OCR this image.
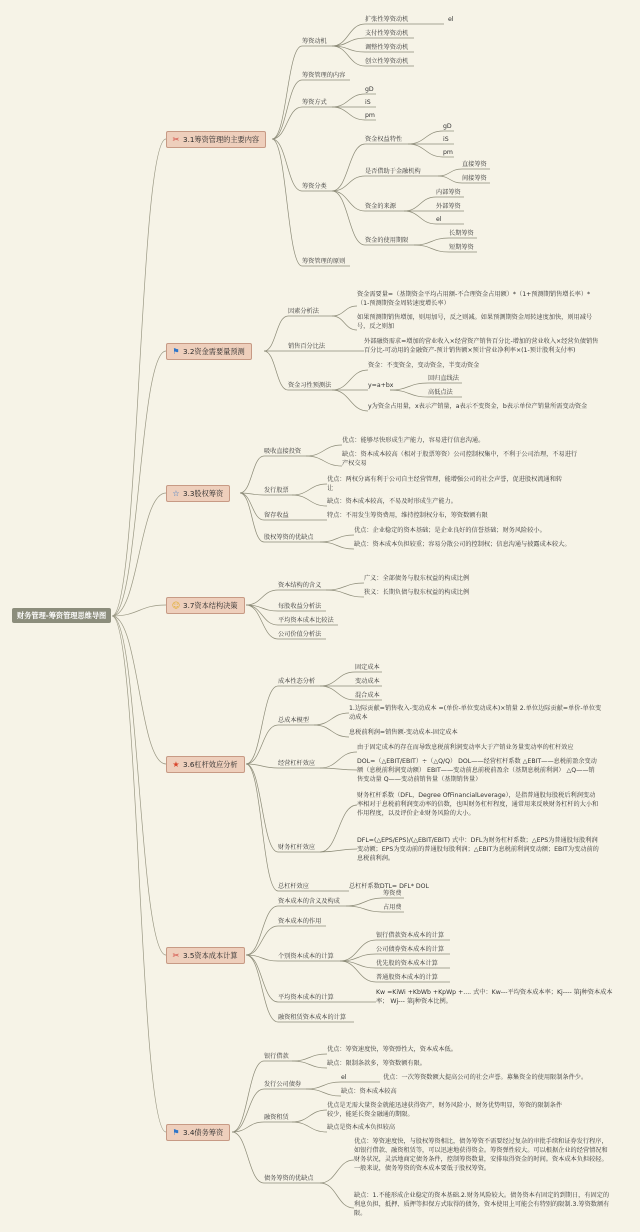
财务管理-筹资管理思维导图
✂ 3.1筹资管理的主要内容
⚑ 3.2资金需要量预测
☆ 3.3股权筹资
☺ 3.7资本结构决策
★ 3.6杠杆效应分析
✂ 3.5资本成本计算
⚑ 3.4债务筹资
筹资动机
扩张性筹资动机	el
支付性筹资动机
调整性筹资动机
创立性筹资动机
筹资管理的内容
筹资方式
gD
iS
pm
筹资分类
资金权益特性
gD
iS
pm
是否借助于金融机构
直接筹资
间接筹资
资金的来源
内部筹资
外部筹资
el
资金的使用期限
长期筹资
短期筹资
筹资管理的原则
因素分析法
资金需要量=（基期资金平均占用额-不合理资金占用额）*（1+预测期销售增长率）*（1-预测期资金周转速度增长率）
如果预测期销售增加，则用加号，反之则减。如果预测期资金周转速度加快，则用减号号，反之则加
销售百分比法
外部融资需求=增加的营业收入×经营资产销售百分比-增加的营业收入×经营负债销售百分比-可动用的金融资产-预计销售额×预计营业净利率×(1-预计股利支付率)
资金习性预测法
资金：不变资金，变动资金，半变动资金
y=a+bx
回归直线法
高低点法
y为资金占用量，x表示产销量，a表示不变资金，b表示单位产销量所需变动资金
吸收直接投资
优点：能够尽快形成生产能力，容易进行信息沟通。
缺点：资本成本较高（相对于股票筹资）公司控制权集中，不利于公司治理，不易进行产权交易
发行股票
优点：两权分离有利于公司自主经营管理，能增强公司的社会声誉，促进股权流通和转让
缺点：资本成本较高，不易及时形成生产能力。
留存收益	特点：不用发生筹资费用，维持控制权分布，筹资数额有限
股权筹资的优缺点
优点：企业稳定的资本基础；是企业良好的信誉基础；财务风险较小。
缺点：资本成本负担较重；容易分散公司的控制权；信息沟通与披露成本较大。
资本结构的含义
广义：全部债务与股东权益的构成比例
狭义：长期负债与股东权益的构成比例
每股收益分析法
平均资本成本比较法
公司价值分析法
成本性态分析
固定成本
变动成本
混合成本
总成本模型
1.边际贡献=销售收入-变动成本 =(单价-单位变动成本)×销量 2.单位边际贡献=单价-单位变动成本
息税前利润=销售额-变动成本-固定成本
经营杠杆效应
由于固定成本的存在而导致息税前利润变动率大于产销业务量变动率的杠杆效应
DOL=（△EBIT/EBIT）÷（△Q/Q） DOL——经营杠杆系数 △EBIT——息税前盈余变动额（息税前利润变动额） EBIT——变动前息前税前盈余（基期息税前利润） △Q——销售变动量 Q——变动前销售量（基期销售量）
财务杠杆效应
财务杠杆系数（DFL，Degree OfFinancialLeverage），是指普通股每股税后利润变动率相对于息税前利润变动率的倍数，也叫财务杠杆程度，通常用来反映财务杠杆的大小和作用程度，以及评价企业财务风险的大小。
DFL=(△EPS/EPS)/(△EBIT/EBIT) 式中：DFL为财务杠杆系数；△EPS为普通股每股利润变动额；EPS为变动前的普通股每股利润；△EBIT为息税前利润变动额；EBIT为变动前的息税前利润。
总杠杆效应	总杠杆系数DTL= DFL* DOL
资本成本的含义及构成
筹资费
占用费
资本成本的作用
个别资本成本的计算
银行借款资本成本的计算
公司债券资本成本的计算
优先股的资本成本计算
普通股资本成本的计算
平均资本成本的计算
Kw =KiWi +KbWb +KpWp +.... 式中：Kw---平均资本成本率；Kj---- 第j种资本成本率； Wj--- 第j种资本比例。
融资租赁资本成本的计算
银行借款
优点：筹资速度快，筹资弹性大，资本成本低。
缺点：限制条款多，筹资数额有限。
发行公司债券
el	优点：一次筹资数额大提高公司的社会声誉。募集资金的使用限制条件少。
缺点：资本成本较高
融资租赁
优点是无需大量资金就能迅速获得资产，财务风险小，财务优势明显，筹资的限制条件较少，能延长资金融通的期限。
缺点是资本成本负担较高
债务筹资的优缺点
优点：筹资速度快，与股权筹资相比，债务筹资不需要经过复杂的审批手续和证券发行程序，如银行借款、融资租赁等，可以迅速地获得资金。筹资弹性较大。可以根据企业的经营情况和财务状况，灵活地商定债务条件，控制筹资数量，安排取得资金的时间。资本成本负担较轻。一般来说，债务筹资的资本成本要低于股权筹资。
缺点：1.不能形成企业稳定的资本基础.2.财务风险较大。债务资本有固定的到期日，有固定的利息负担，抵押、质押等担保方式取得的债务，资本使用上可能会有特别的限制.3.筹资数额有限。
